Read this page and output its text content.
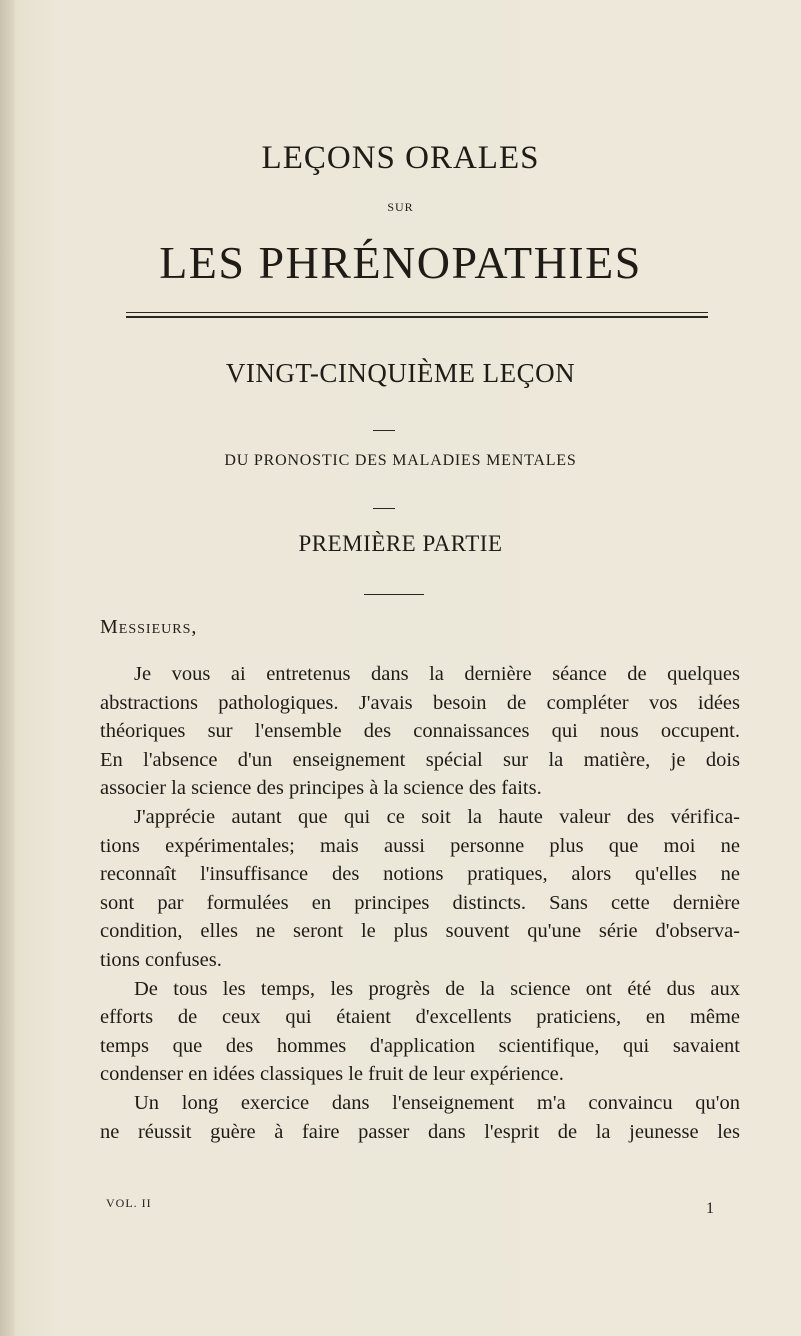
LEÇONS ORALES
SUR
LES PHRÉNOPATHIES
VINGT-CINQUIÈME LEÇON
DU PRONOSTIC DES MALADIES MENTALES
PREMIÈRE PARTIE
Messieurs,
Je vous ai entretenus dans la dernière séance de quelques
abstractions pathologiques. J'avais besoin de compléter vos idées
théoriques sur l'ensemble des connaissances qui nous occupent.
En l'absence d'un enseignement spécial sur la matière, je dois
associer la science des principes à la science des faits.
J'apprécie autant que qui ce soit la haute valeur des vérifica-
tions expérimentales; mais aussi personne plus que moi ne
reconnaît l'insuffisance des notions pratiques, alors qu'elles ne
sont par formulées en principes distincts. Sans cette dernière
condition, elles ne seront le plus souvent qu'une série d'observa-
tions confuses.
De tous les temps, les progrès de la science ont été dus aux
efforts de ceux qui étaient d'excellents praticiens, en même
temps que des hommes d'application scientifique, qui savaient
condenser en idées classiques le fruit de leur expérience.
Un long exercice dans l'enseignement m'a convaincu qu'on
ne réussit guère à faire passer dans l'esprit de la jeunesse les
VOL. II	1
